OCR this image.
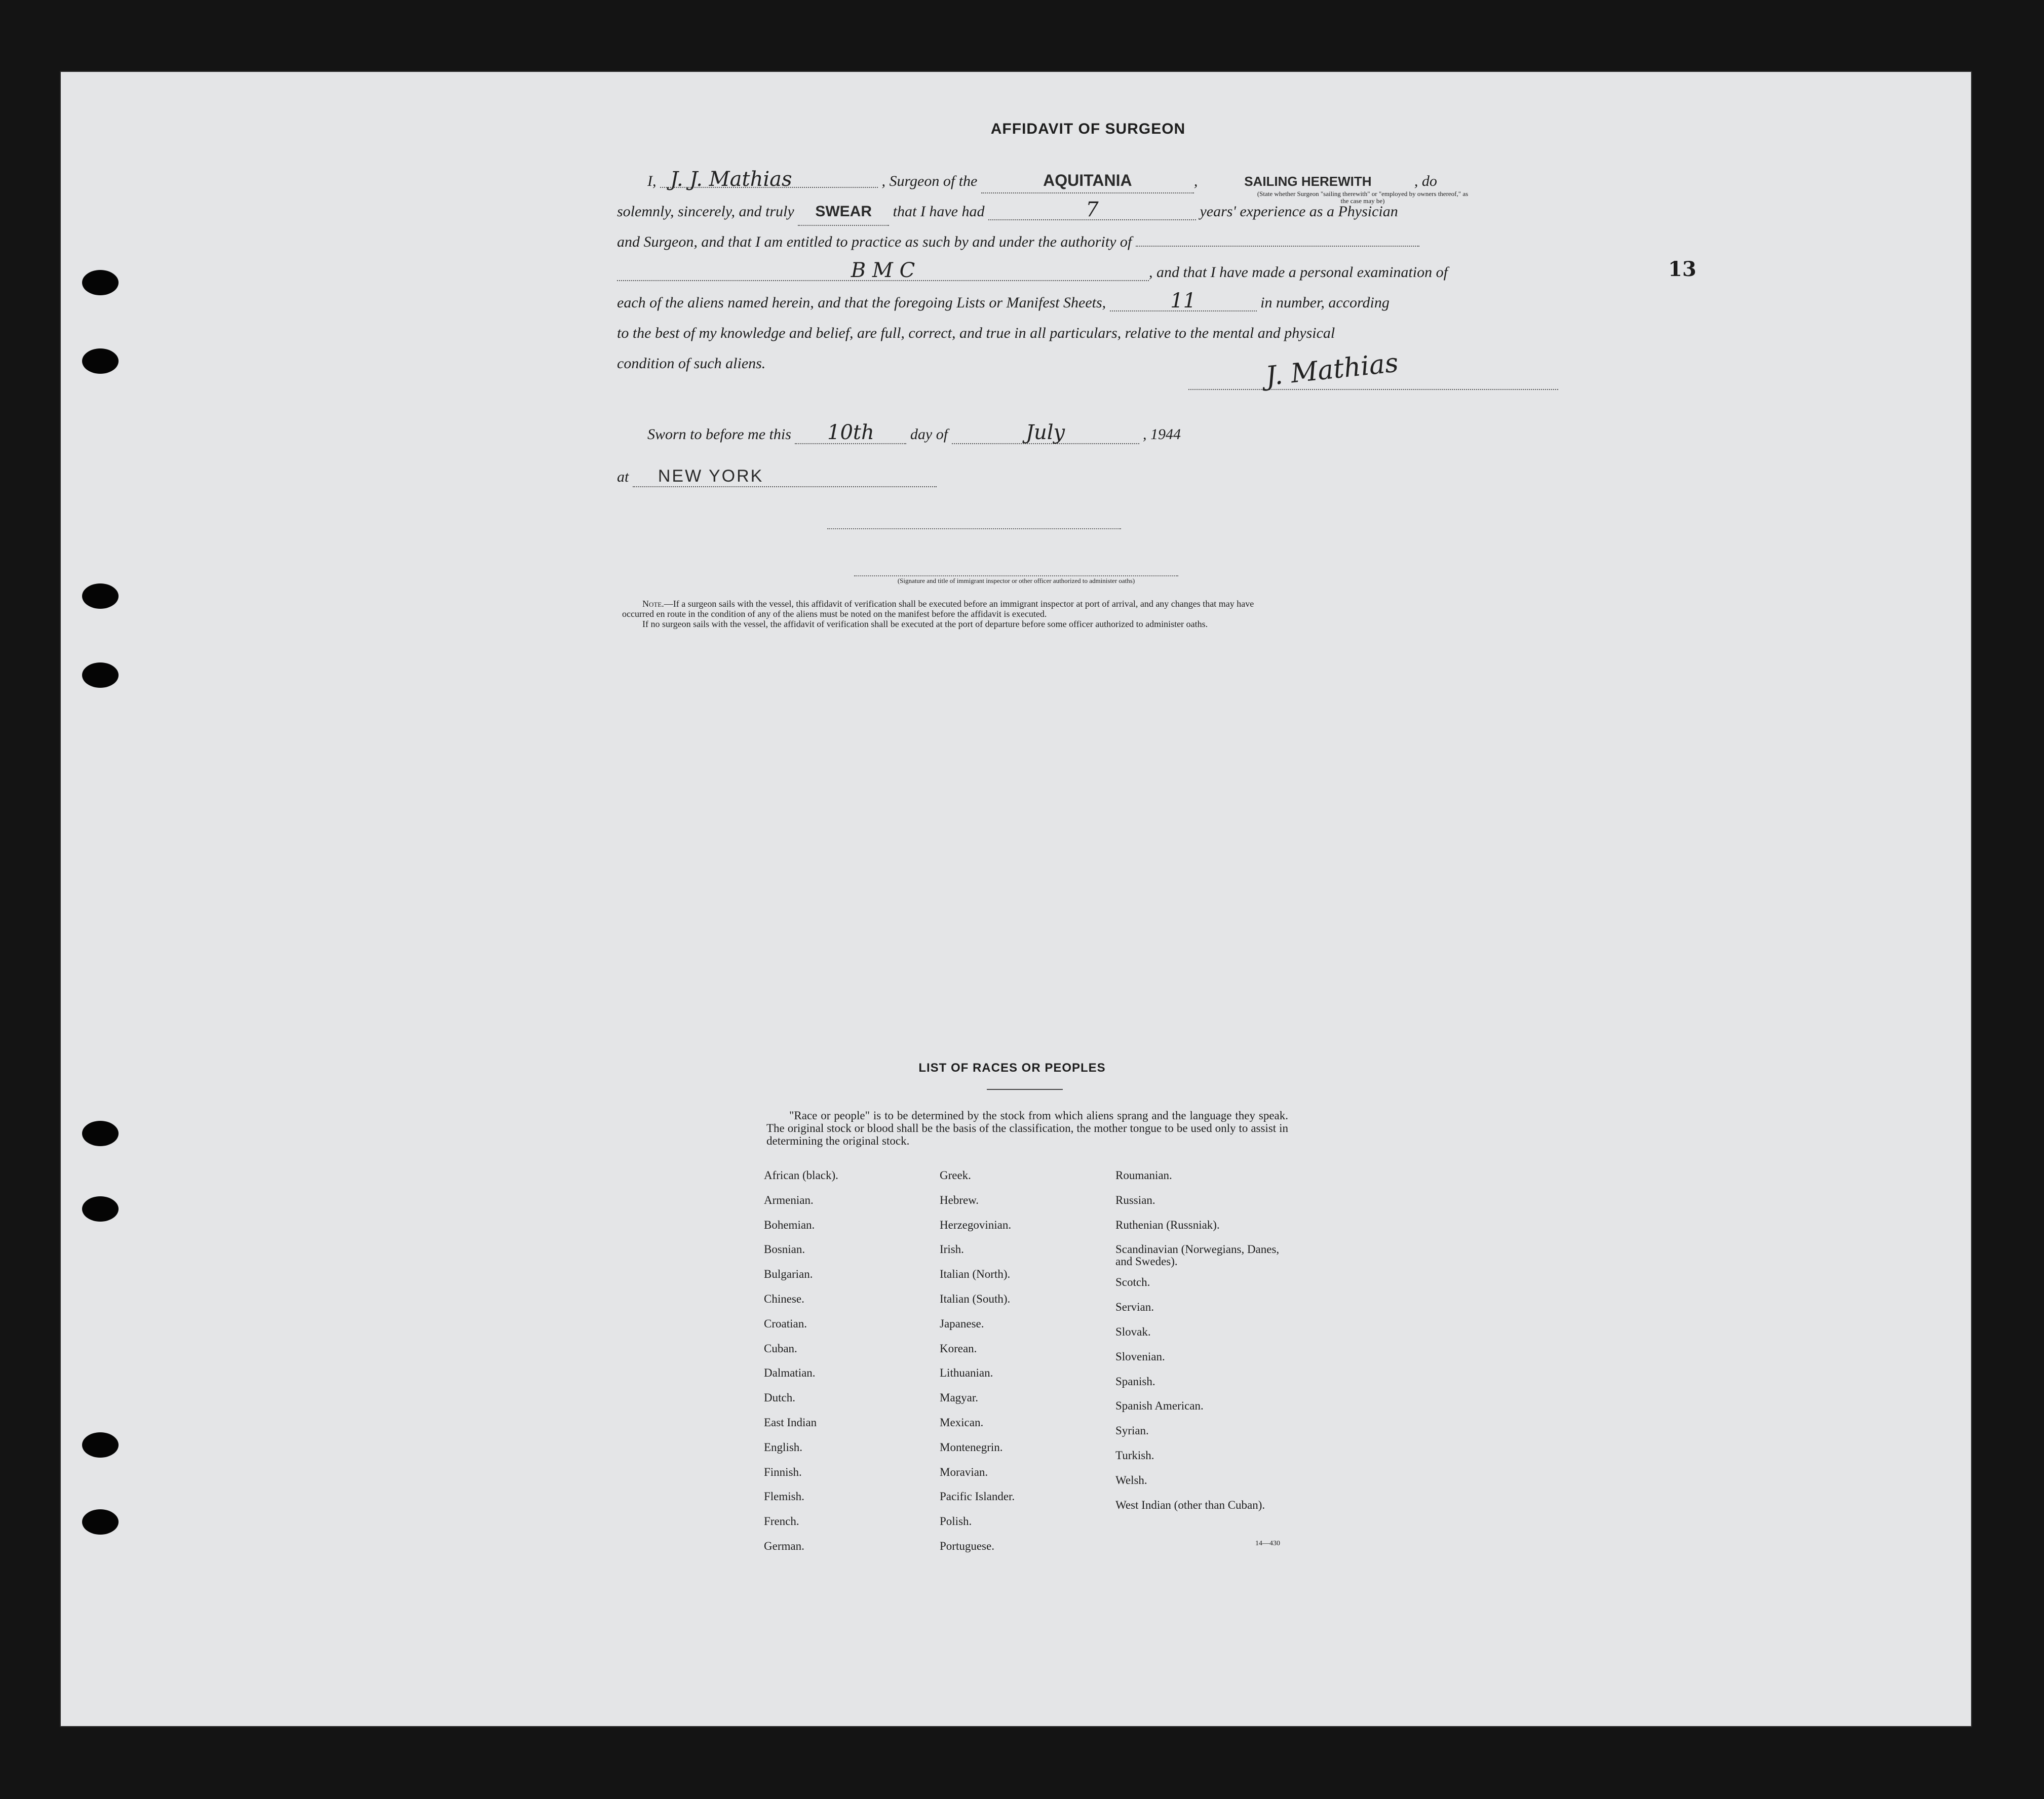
13
AFFIDAVIT OF SURGEON
I, J. J. Mathias	, Surgeon of the	AQUITANIA	,	SAILING HEREWITH	, do
(State whether Surgeon "sailing therewith" or "employed by owners thereof," as the case may be)
solemnly, sincerely, and truly SWEAR that I have had	7	years' experience as a Physician
and Surgeon, and that I am entitled to practice as such by and under the authority of
B M C	, and that I have made a personal examination of
each of the aliens named herein, and that the foregoing Lists or Manifest Sheets,	11	in number, according
to the best of my knowledge and belief, are full, correct, and true in all particulars, relative to the mental and physical
condition of such aliens.	J. Mathias
Sworn to before me this 10th day of	July	, 1944
at NEW YORK
(Signature and title of immigrant inspector or other officer authorized to administer oaths)
Note.—If a surgeon sails with the vessel, this affidavit of verification shall be executed before an immigrant inspector at port of arrival, and any changes that may have
occurred en route in the condition of any of the aliens must be noted on the manifest before the affidavit is executed.
If no surgeon sails with the vessel, the affidavit of verification shall be executed at the port of departure before some officer authorized to administer oaths.
LIST OF RACES OR PEOPLES
"Race or people" is to be determined by the stock from which aliens sprang and the language they speak. The original stock or blood shall be the basis of the classification, the mother tongue to be used only to assist in determining the original stock.
African (black).
Armenian.
Bohemian.
Bosnian.
Bulgarian.
Chinese.
Croatian.
Cuban.
Dalmatian.
Dutch.
East Indian
English.
Finnish.
Flemish.
French.
German.
Greek.
Hebrew.
Herzegovinian.
Irish.
Italian (North).
Italian (South).
Japanese.
Korean.
Lithuanian.
Magyar.
Mexican.
Montenegrin.
Moravian.
Pacific Islander.
Polish.
Portuguese.
Roumanian.
Russian.
Ruthenian (Russniak).
Scandinavian (Norwegians, Danes, and Swedes).
Scotch.
Servian.
Slovak.
Slovenian.
Spanish.
Spanish American.
Syrian.
Turkish.
Welsh.
West Indian (other than Cuban).
14—430
